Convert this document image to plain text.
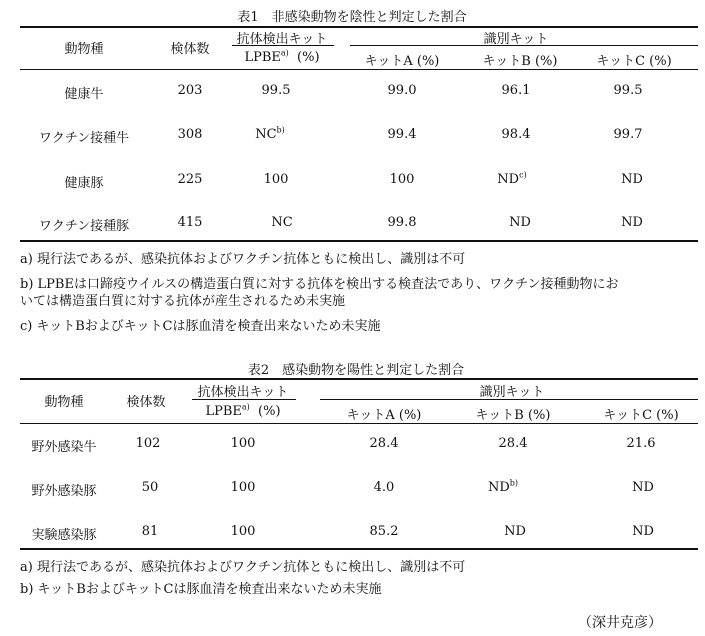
表1　非感染動物を陰性と判定した割合
動物種	検体数
抗体検出キット
LPBE$^{a)}$ (%)
識別キット
キットA (%)	キットB (%)	キットC (%)
健康牛	203	99.5	99.0	96.1	99.5
ワクチン接種牛	308	NC$^{b)}$	99.4	98.4	99.7
健康豚	225	100	100	ND$^{c)}$	ND
ワクチン接種豚	415	NC	99.8	ND	ND
a) 現行法であるが、感染抗体およびワクチン抗体ともに検出し、識別は不可
b) LPBEは口蹄疫ウイルスの構造蛋白質に対する抗体を検出する検査法であり、ワクチン接種動物にお
いては構造蛋白質に対する抗体が産生されるため未実施
c) キットBおよびキットCは豚血清を検査出来ないため未実施
表2　感染動物を陽性と判定した割合
動物種	検体数
抗体検出キット
LPBE$^{a)}$ (%)
識別キット
キットA (%)	キットB (%)	キットC (%)
野外感染牛	102	100	28.4	28.4	21.6
野外感染豚	50	100	4.0	ND$^{b)}$	ND
実験感染豚	81	100	85.2	ND	ND
a) 現行法であるが、感染抗体およびワクチン抗体ともに検出し、識別は不可
b) キットBおよびキットCは豚血清を検査出来ないため未実施
（深井克彦）
